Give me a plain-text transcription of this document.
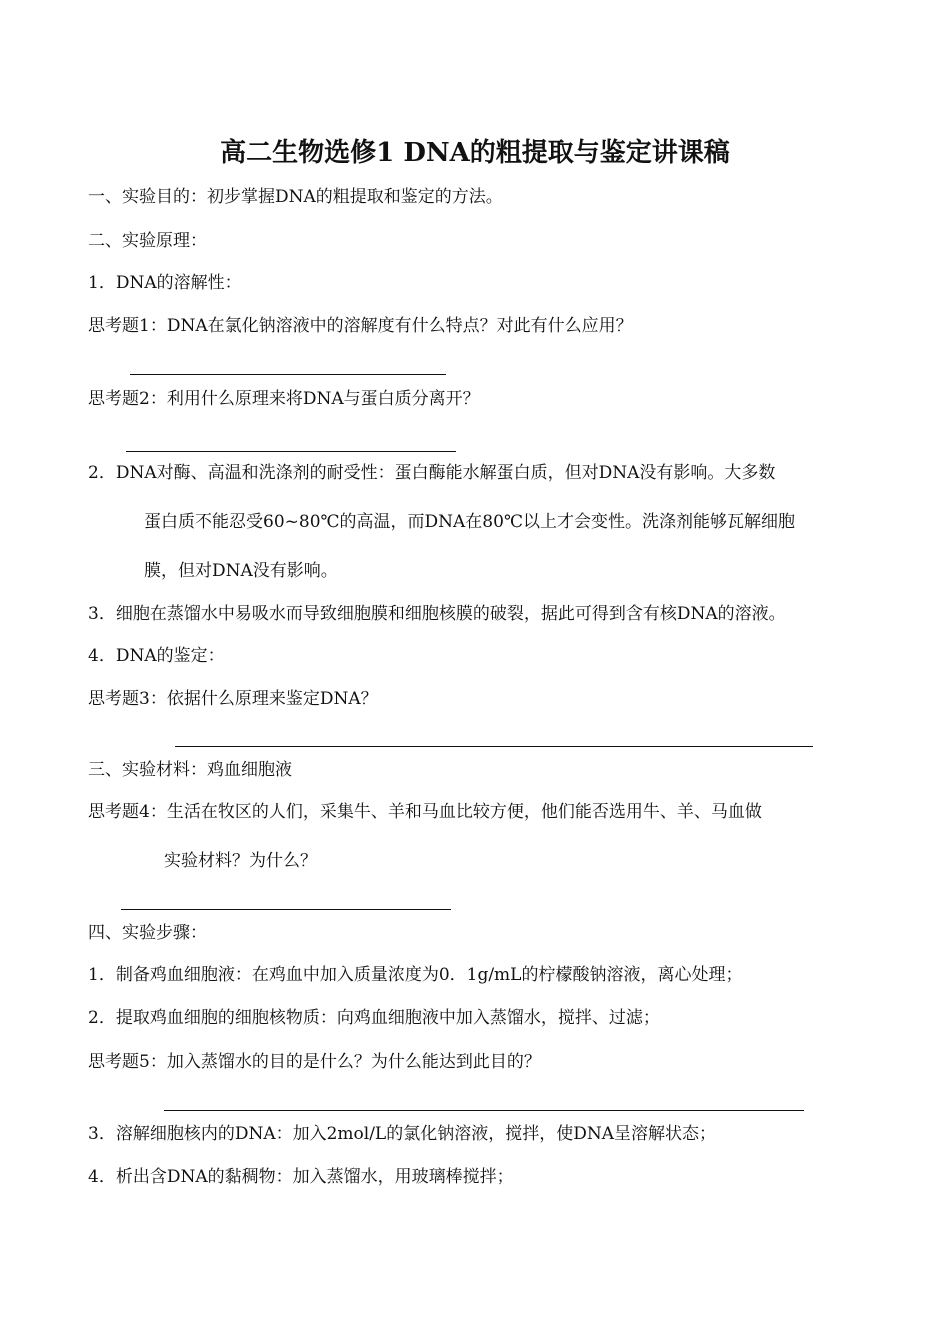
高二生物选修1 DNA的粗提取与鉴定讲课稿
一、实验目的：初步掌握DNA的粗提取和鉴定的方法。
二、实验原理：
1．DNA的溶解性：
思考题1：DNA在氯化钠溶液中的溶解度有什么特点？对此有什么应用？
思考题2：利用什么原理来将DNA与蛋白质分离开？
2．DNA对酶、高温和洗涤剂的耐受性：蛋白酶能水解蛋白质，但对DNA没有影响。大多数
蛋白质不能忍受60~80℃的高温，而DNA在80℃以上才会变性。洗涤剂能够瓦解细胞
膜，但对DNA没有影响。
3．细胞在蒸馏水中易吸水而导致细胞膜和细胞核膜的破裂，据此可得到含有核DNA的溶液。
4．DNA的鉴定：
思考题3：依据什么原理来鉴定DNA？
三、实验材料：鸡血细胞液
思考题4：生活在牧区的人们，采集牛、羊和马血比较方便，他们能否选用牛、羊、马血做
实验材料？为什么？
四、实验步骤：
1．制备鸡血细胞液：在鸡血中加入质量浓度为0．1g/mL的柠檬酸钠溶液，离心处理；
2．提取鸡血细胞的细胞核物质：向鸡血细胞液中加入蒸馏水，搅拌、过滤；
思考题5：加入蒸馏水的目的是什么？为什么能达到此目的？
3．溶解细胞核内的DNA：加入2mol/L的氯化钠溶液，搅拌，使DNA呈溶解状态；
4．析出含DNA的黏稠物：加入蒸馏水，用玻璃棒搅拌；
